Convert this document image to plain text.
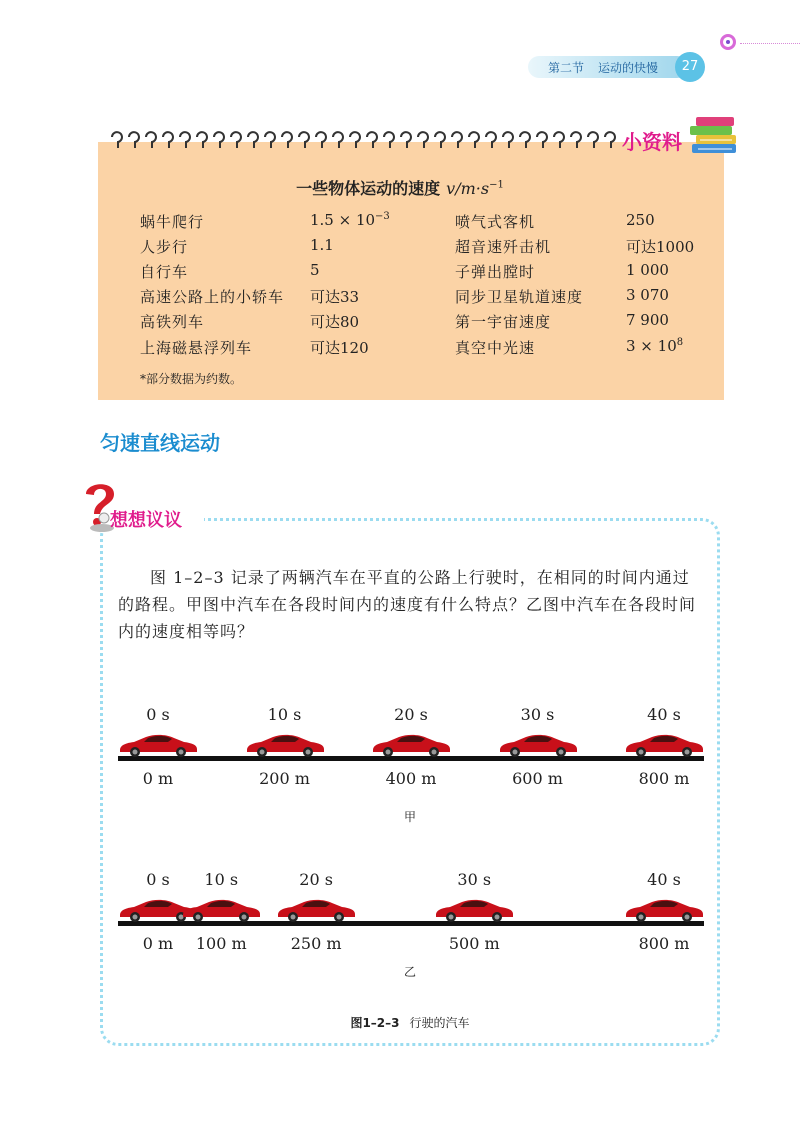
第二节 运动的快慢	27
小资料
一些物体运动的速度 $v/m\cdot s^{-1}$
蜗牛爬行	$1.5 \times 10^{-3}$	喷气式客机	250
人步行	1.1	超音速歼击机	可达1000
自行车	5	子弹出膛时	1 000
高速公路上的小轿车 可达33	同步卫星轨道速度	3 070
高铁列车	可达80	第一宇宙速度	7 900
上海磁悬浮列车	可达120	真空中光速	$3 \times 10^8$
*部分数据为约数。
匀速直线运动
想想议议

图 1–2–3 记录了两辆汽车在平直的公路上行驶时，在相同的时间内通过的路程。甲图中汽车在各段时间内的速度有什么特点？乙图中汽车在各段时间内的速度相等吗？

0 s
0 m
10 s
200 m
20 s
400 m
30 s
600 m
40 s
800 m
甲
0 s
0 m
10 s
100 m
20 s
250 m
30 s
500 m
40 s
800 m
乙
图1–2–3 行驶的汽车
